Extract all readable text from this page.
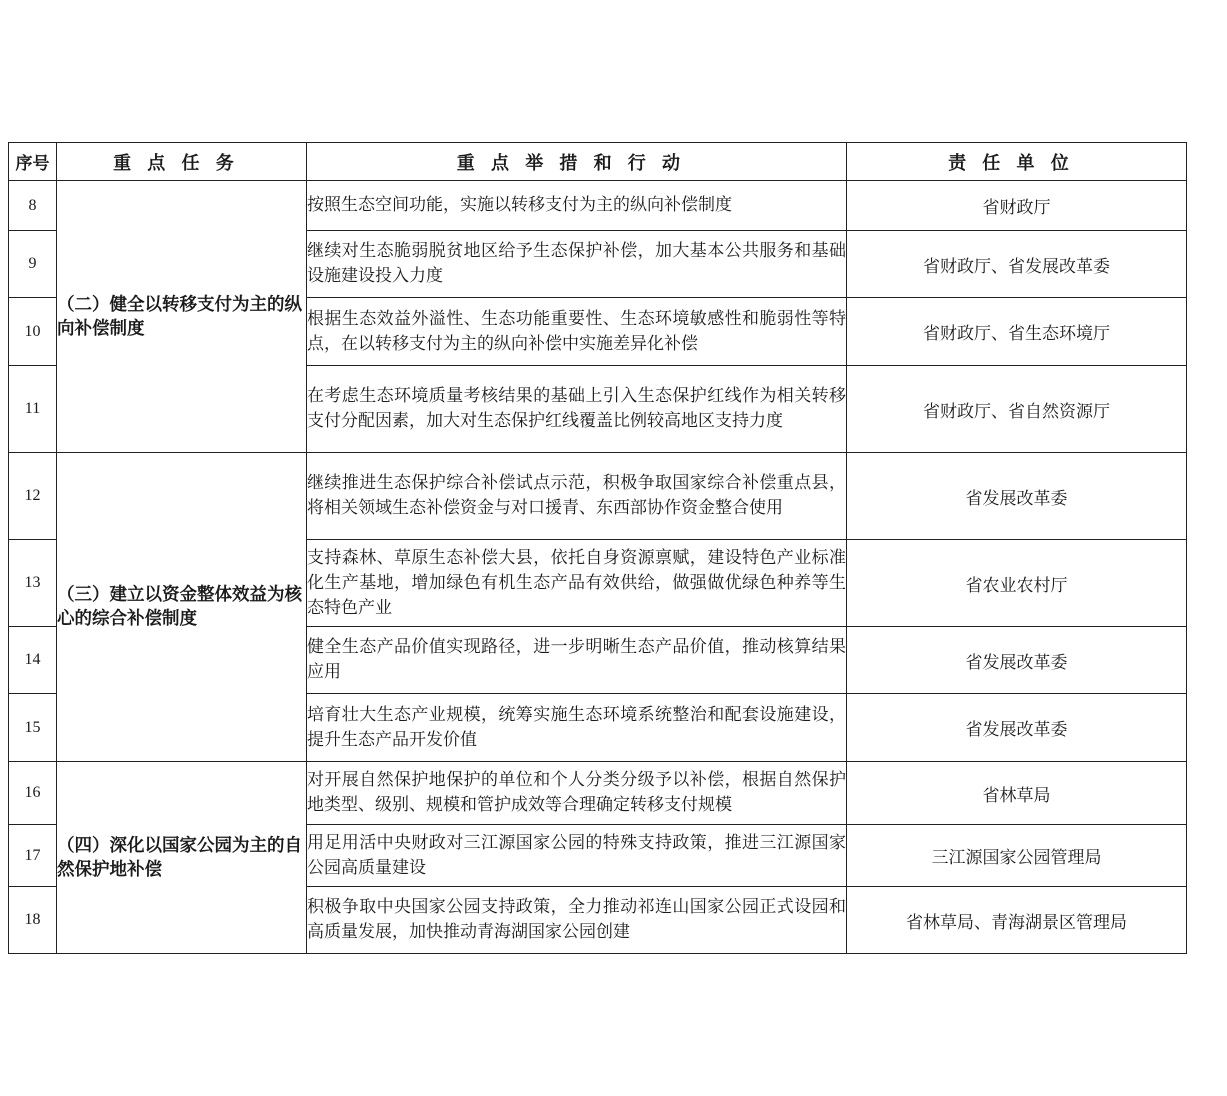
序号	重点任务	重点举措和行动	责任单位
8	（二）健全以转移支付为主的纵向补偿制度	按照生态空间功能，实施以转移支付为主的纵向补偿制度	省财政厅
9		继续对生态脆弱脱贫地区给予生态保护补偿，加大基本公共服务和基础设施建设投入力度	省财政厅、省发展改革委
10		根据生态效益外溢性、生态功能重要性、生态环境敏感性和脆弱性等特点，在以转移支付为主的纵向补偿中实施差异化补偿	省财政厅、省生态环境厅
11		在考虑生态环境质量考核结果的基础上引入生态保护红线作为相关转移支付分配因素，加大对生态保护红线覆盖比例较高地区支持力度	省财政厅、省自然资源厅
12	（三）建立以资金整体效益为核心的综合补偿制度	继续推进生态保护综合补偿试点示范，积极争取国家综合补偿重点县，将相关领域生态补偿资金与对口援青、东西部协作资金整合使用	省发展改革委
13		支持森林、草原生态补偿大县，依托自身资源禀赋，建设特色产业标准化生产基地，增加绿色有机生态产品有效供给，做强做优绿色种养等生态特色产业	省农业农村厅
14		健全生态产品价值实现路径，进一步明晰生态产品价值，推动核算结果应用	省发展改革委
15		培育壮大生态产业规模，统筹实施生态环境系统整治和配套设施建设，提升生态产品开发价值	省发展改革委
16	（四）深化以国家公园为主的自然保护地补偿	对开展自然保护地保护的单位和个人分类分级予以补偿，根据自然保护地类型、级别、规模和管护成效等合理确定转移支付规模	省林草局
17		用足用活中央财政对三江源国家公园的特殊支持政策，推进三江源国家公园高质量建设	三江源国家公园管理局
18		积极争取中央国家公园支持政策，全力推动祁连山国家公园正式设园和高质量发展，加快推动青海湖国家公园创建	省林草局、青海湖景区管理局
